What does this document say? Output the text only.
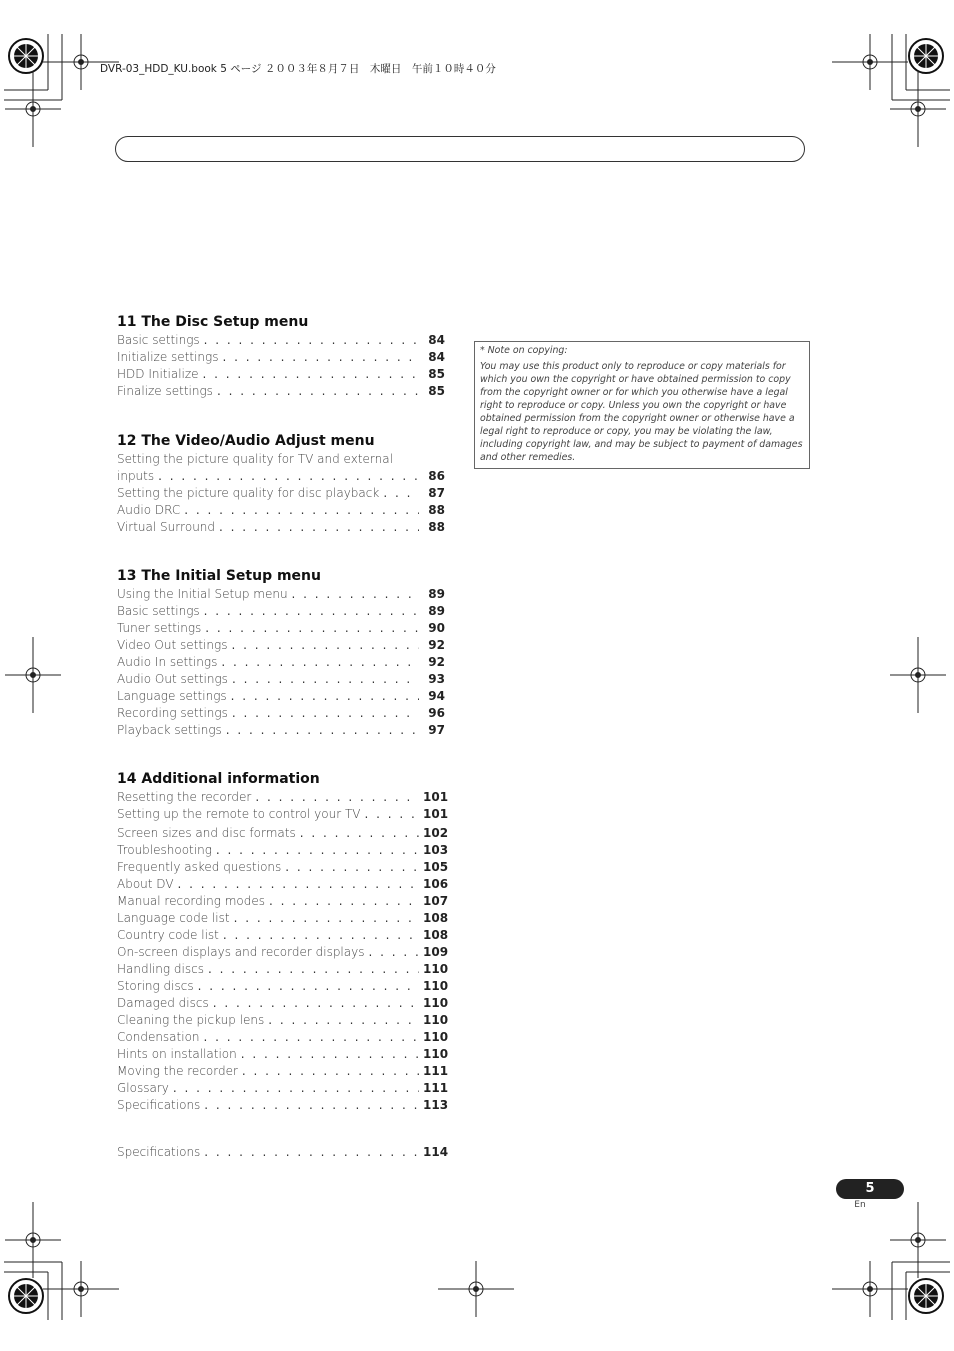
DVR-03_HDD_KU.book 5 ページ ２００３年８月７日　木曜日　午前１０時４０分
11 The Disc Setup menu
Basic settings . . .	84
Initialize settings . . .	84
HDD Initialize . . .	85
Finalize settings . . .	85
12 The Video/Audio Adjust menu
Setting the picture quality for TV and external
inputs . . .	86
Setting the picture quality for disc playback . . .	87
Audio DRC . . .	88
Virtual Surround . . .	88
13 The Initial Setup menu
Using the Initial Setup menu . . .	89
Basic settings . . .	89
Tuner settings . . .	90
Video Out settings . . .	92
Audio In settings . . .	92
Audio Out settings . . .	93
Language settings . . .	94
Recording settings . . .	96
Playback settings . . .	97
14 Additional information
Resetting the recorder . . .	101
Setting up the remote to control your TV . . .	101
Screen sizes and disc formats . . .	102
Troubleshooting . . .	103
Frequently asked questions . . .	105
About DV . . .	106
Manual recording modes . . .	107
Language code list . . .	108
Country code list . . .	108
On-screen displays and recorder displays . . .	109
Handling discs . . .	110
Storing discs . . .	110
Damaged discs . . .	110
Cleaning the pickup lens . . .	110
Condensation . . .	110
Hints on installation . . .	110
Moving the recorder . . .	111
Glossary . . .	111
Specifications . . .	113
Specifications . . .	114
* Note on copying:
You may use this product only to reproduce or copy materials for which you own the copyright or have obtained permission to copy from the copyright owner or for which you otherwise have a legal right to reproduce or copy. Unless you own the copyright or have obtained permission from the copyright owner or otherwise have a legal right to reproduce or copy, you may be violating the law, including copyright law, and may be subject to payment of damages and other remedies.
5
En
